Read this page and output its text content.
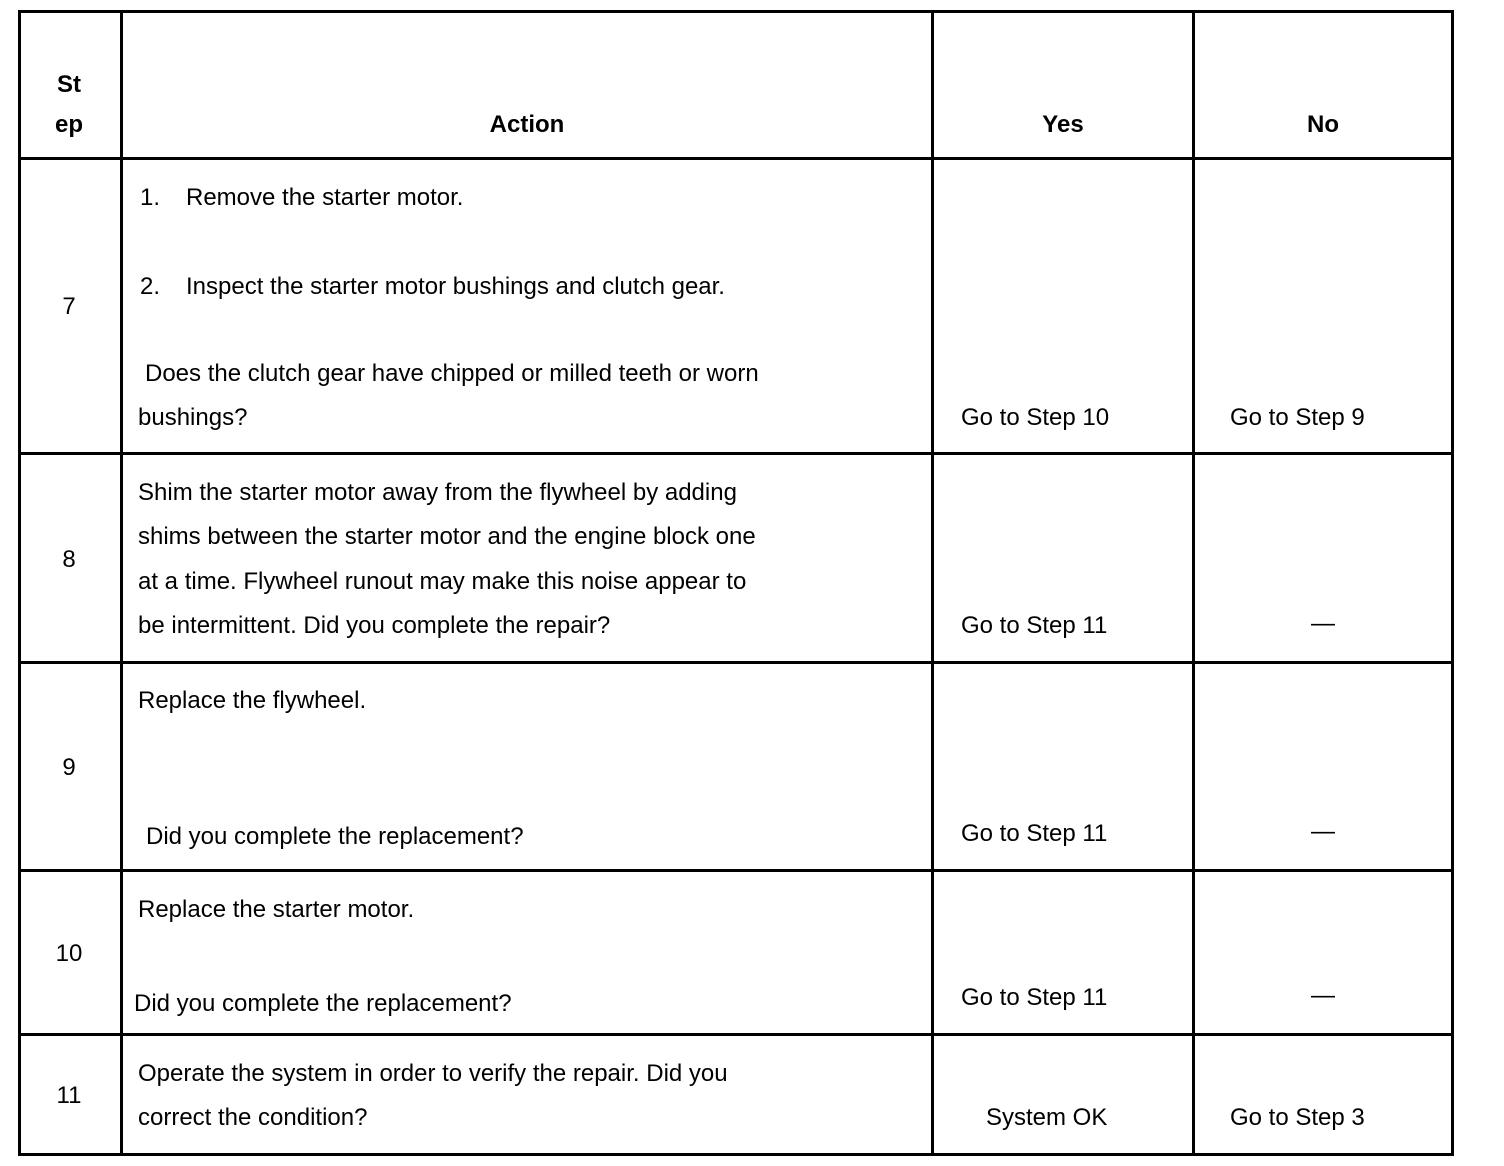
St
ep	Action	Yes	No
7
1. Remove the starter motor.
2. Inspect the starter motor bushings and clutch gear.
Does the clutch gear have chipped or milled teeth or worn
bushings?	Go to Step 10	Go to Step 9
8
Shim the starter motor away from the flywheel by adding
shims between the starter motor and the engine block one
at a time. Flywheel runout may make this noise appear to
be intermittent. Did you complete the repair?	Go to Step 11	—
9
Replace the flywheel.
Did you complete the replacement?	Go to Step 11	—
10
Replace the starter motor.
Did you complete the replacement?	Go to Step 11	—
11
Operate the system in order to verify the repair. Did you
correct the condition?	System OK	Go to Step 3
